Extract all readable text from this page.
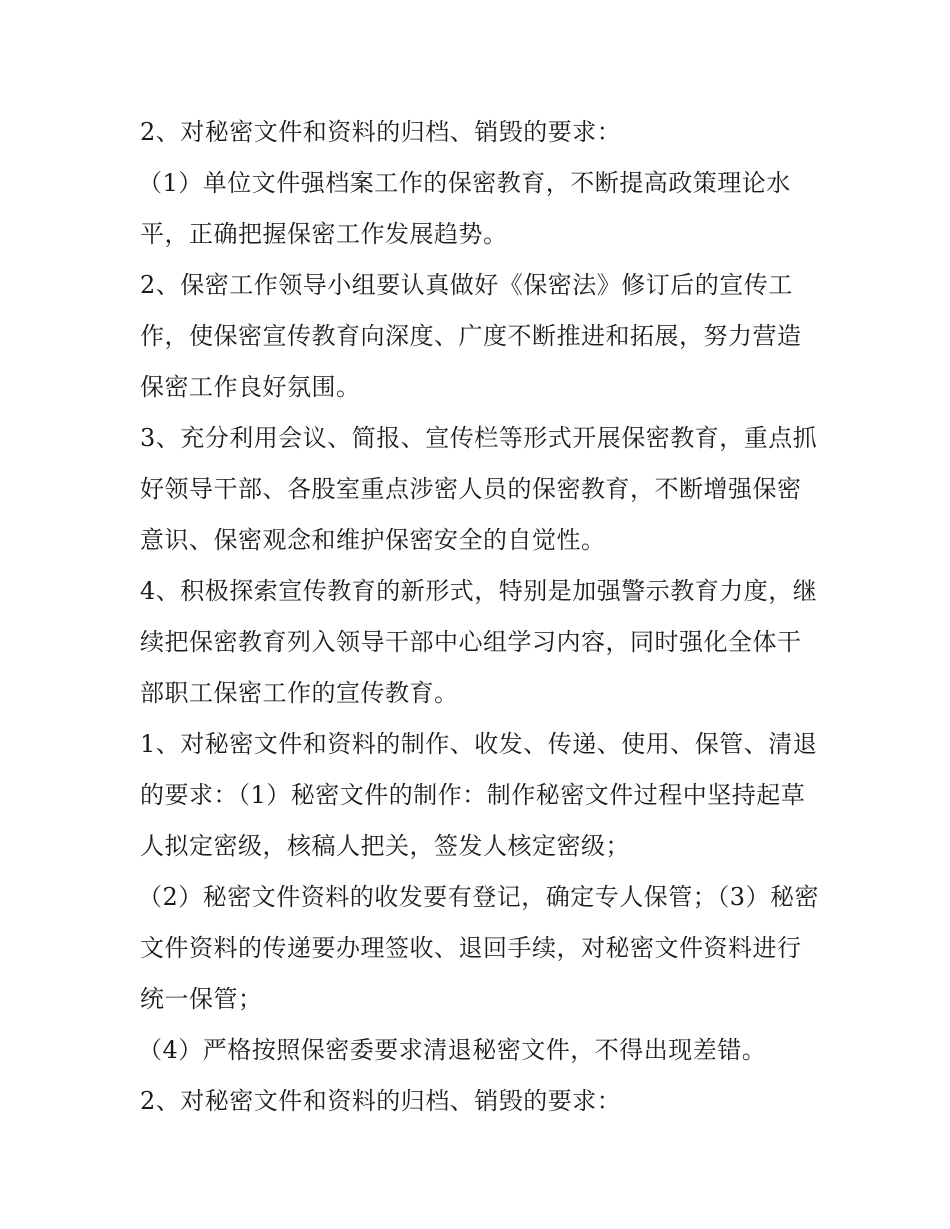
2、对秘密文件和资料的归档、销毁的要求：

（1）单位文件强档案工作的保密教育，不断提高政策理论水平，正确把握保密工作发展趋势。

2、保密工作领导小组要认真做好《保密法》修订后的宣传工作，使保密宣传教育向深度、广度不断推进和拓展，努力营造保密工作良好氛围。

3、充分利用会议、简报、宣传栏等形式开展保密教育，重点抓好领导干部、各股室重点涉密人员的保密教育，不断增强保密意识、保密观念和维护保密安全的自觉性。

4、积极探索宣传教育的新形式，特别是加强警示教育力度，继续把保密教育列入领导干部中心组学习内容，同时强化全体干部职工保密工作的宣传教育。

1、对秘密文件和资料的制作、收发、传递、使用、保管、清退的要求：（1）秘密文件的制作：制作秘密文件过程中坚持起草人拟定密级，核稿人把关，签发人核定密级；

（2）秘密文件资料的收发要有登记，确定专人保管；（3）秘密文件资料的传递要办理签收、退回手续，对秘密文件资料进行统一保管；

（4）严格按照保密委要求清退秘密文件，不得出现差错。

2、对秘密文件和资料的归档、销毁的要求：
